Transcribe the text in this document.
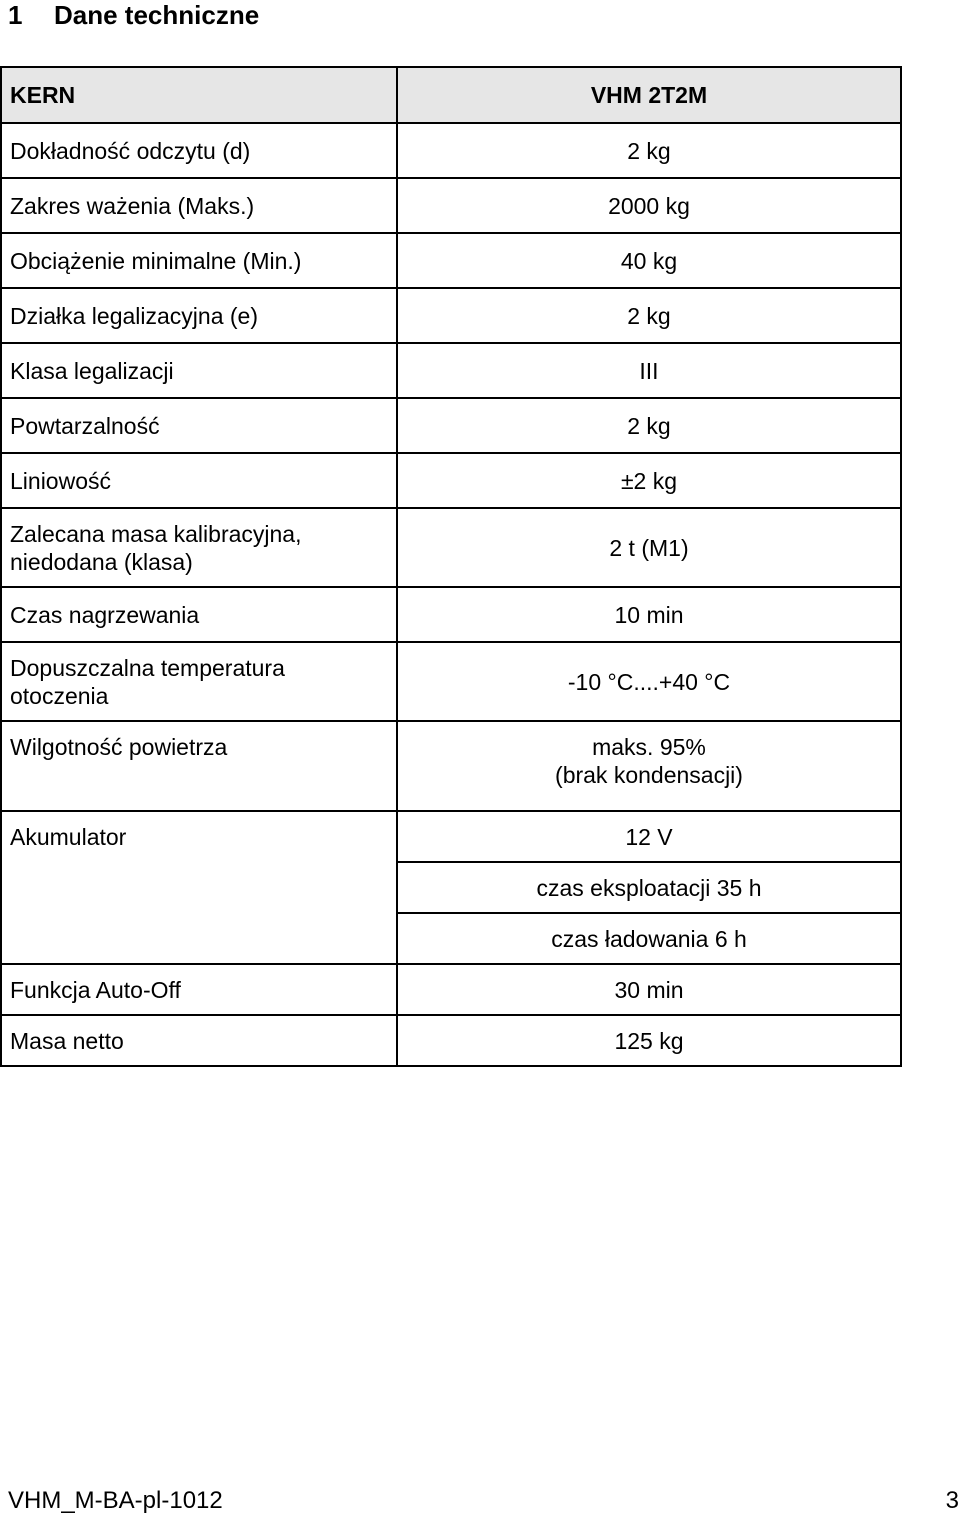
1 Dane techniczne
KERN	VHM 2T2M
Dokładność odczytu (d)	2 kg
Zakres ważenia (Maks.)	2000 kg
Obciążenie minimalne (Min.)	40 kg
Działka legalizacyjna (e)	2 kg
Klasa legalizacji	III
Powtarzalność	2 kg
Liniowość	±2 kg

Zalecana masa kalibracyjna,
niedodana (klasa)	2 t (M1)
Czas nagrzewania	10 min

Dopuszczalna temperatura
otoczenia	-10 °C....+40 °C
Wilgotność powietrza	maks. 95%
(brak kondensacji)

Akumulator	12 V
	czas eksploatacji 35 h
	czas ładowania 6 h
Funkcja Auto-Off	30 min
Masa netto	125 kg
VHM_M-BA-pl-1012	3
